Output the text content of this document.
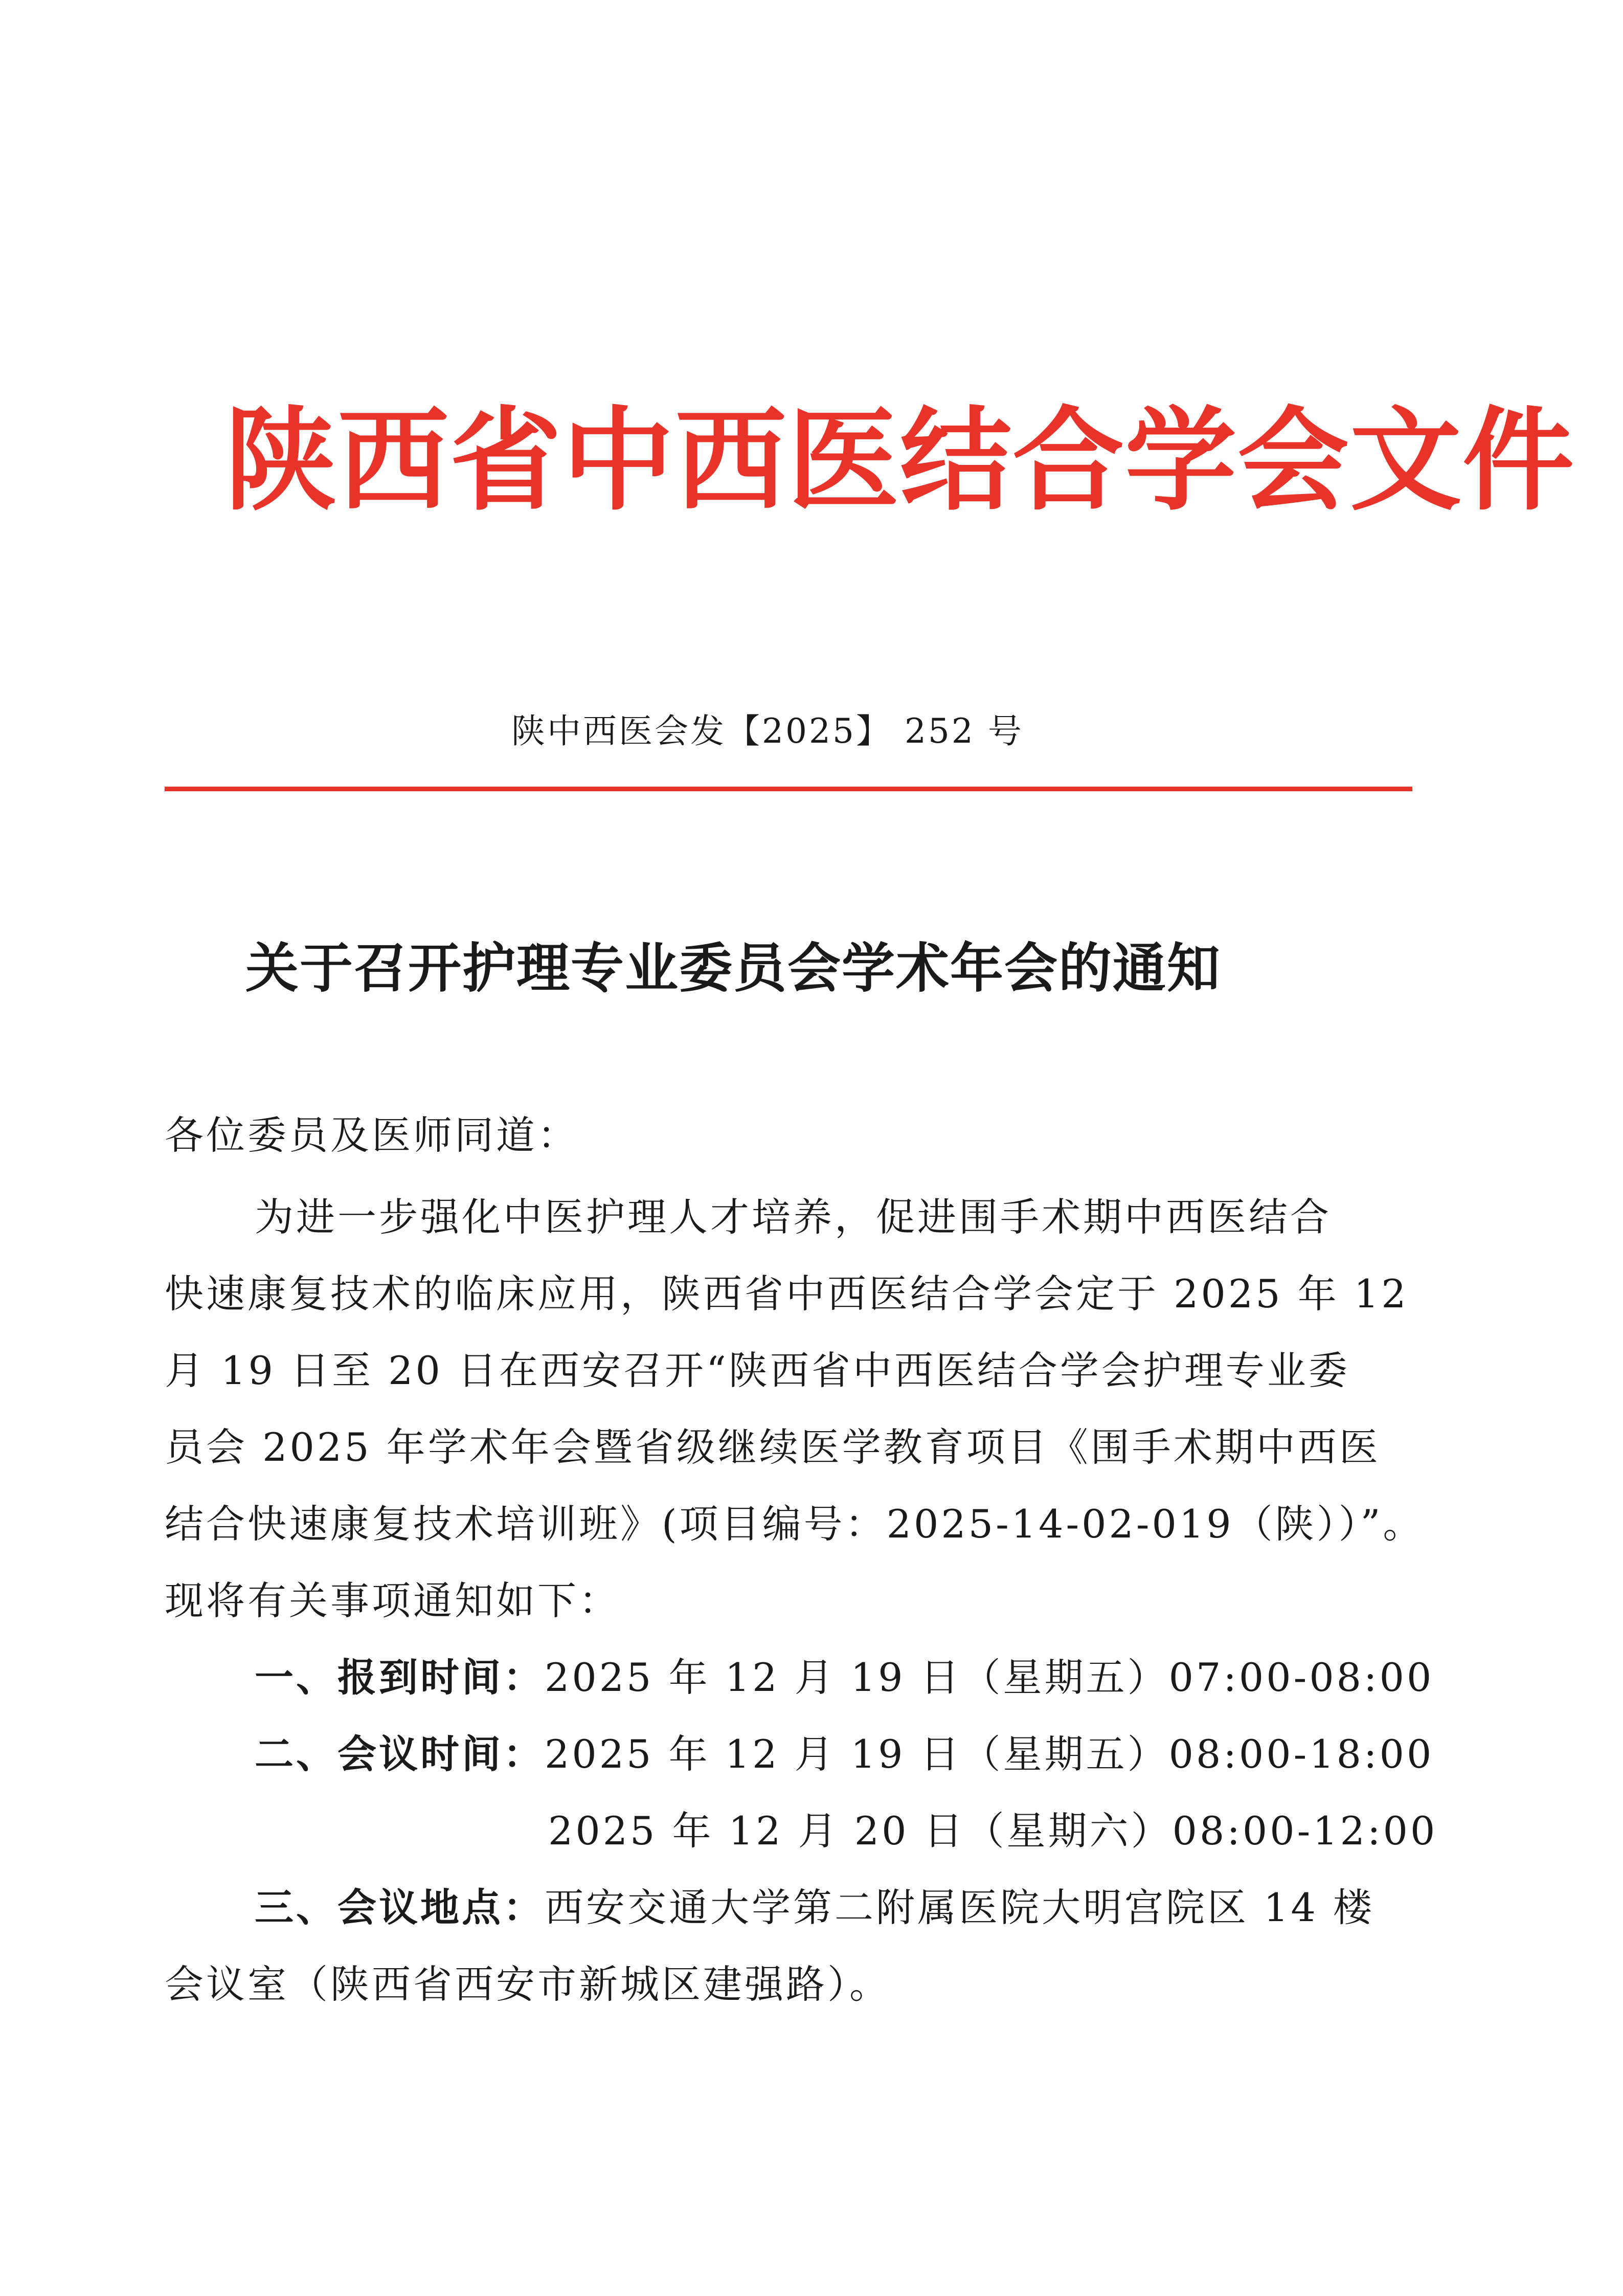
陕西省中西医结合学会文件
陕中西医会发【2025】 252 号
关于召开护理专业委员会学术年会的通知
各位委员及医师同道：
为进一步强化中医护理人才培养，促进围手术期中西医结合
快速康复技术的临床应用，陕西省中西医结合学会定于 2025 年 12
月 19 日至 20 日在西安召开“陕西省中西医结合学会护理专业委
员会 2025 年学术年会暨省级继续医学教育项目《围手术期中西医
结合快速康复技术培训班》(项目编号：2025-14-02-019（陕））”。
现将有关事项通知如下：
一、报到时间：2025 年 12 月 19 日（星期五）07:00-08:00
二、会议时间：2025 年 12 月 19 日（星期五）08:00-18:00
2025 年 12 月 20 日（星期六）08:00-12:00
三、会议地点：西安交通大学第二附属医院大明宫院区 14 楼
会议室（陕西省西安市新城区建强路）。
